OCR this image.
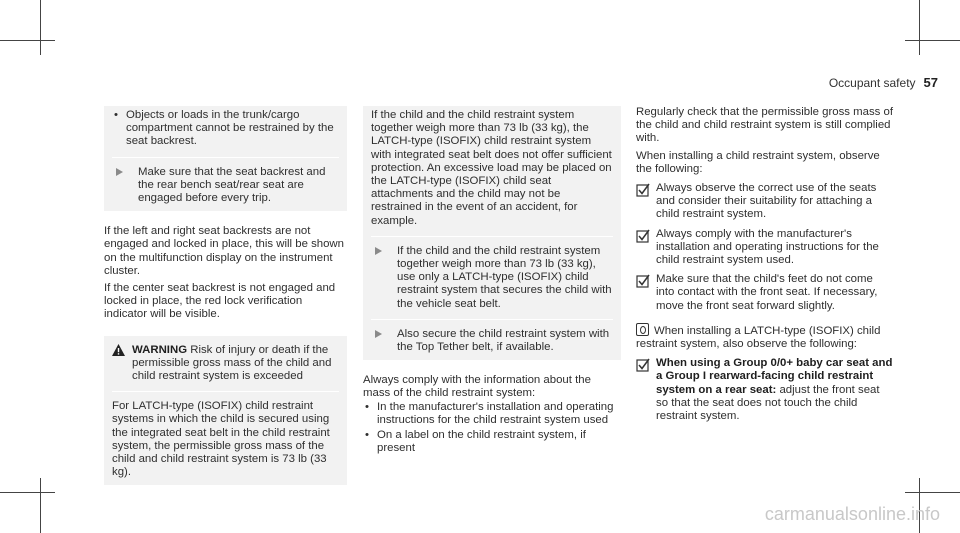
Occupant safety 57
• Objects or loads in the trunk/cargo compartment cannot be restrained by the seat backrest.
Make sure that the seat backrest and the rear bench seat/rear seat are engaged before every trip.

If the left and right seat backrests are not engaged and locked in place, this will be shown on the multifunction display on the instrument cluster.

If the center seat backrest is not engaged and locked in place, the red lock verification indicator will be visible.

WARNING Risk of injury or death if the permissible gross mass of the child and child restraint system is exceeded

For LATCH-type (ISOFIX) child restraint systems in which the child is secured using the integrated seat belt in the child restraint system, the permissible gross mass of the child and child restraint system is 73 lb (33 kg).

If the child and the child restraint system together weigh more than 73 lb (33 kg), the LATCH-type (ISOFIX) child restraint system with integrated seat belt does not offer sufficient protection. An excessive load may be placed on the LATCH-type (ISOFIX) child seat attachments and the child may not be restrained in the event of an accident, for example.

If the child and the child restraint system together weigh more than 73 lb (33 kg), use only a LATCH-type (ISOFIX) child restraint system that secures the child with the vehicle seat belt.
Also secure the child restraint system with the Top Tether belt, if available.

Always comply with the information about the mass of the child restraint system:

• In the manufacturer's installation and operating instructions for the child restraint system used
• On a label on the child restraint system, if present

Regularly check that the permissible gross mass of the child and child restraint system is still complied with.

When installing a child restraint system, observe the following:

Always observe the correct use of the seats and consider their suitability for attaching a child restraint system.
Always comply with the manufacturer's installation and operating instructions for the child restraint system used.
Make sure that the child's feet do not come into contact with the front seat. If necessary, move the front seat forward slightly.

When installing a LATCH-type (ISOFIX) child restraint system, also observe the following:

When using a Group 0/0+ baby car seat and a Group I rearward-facing child restraint system on a rear seat: adjust the front seat so that the seat does not touch the child restraint system.
carmanualsonline.info
